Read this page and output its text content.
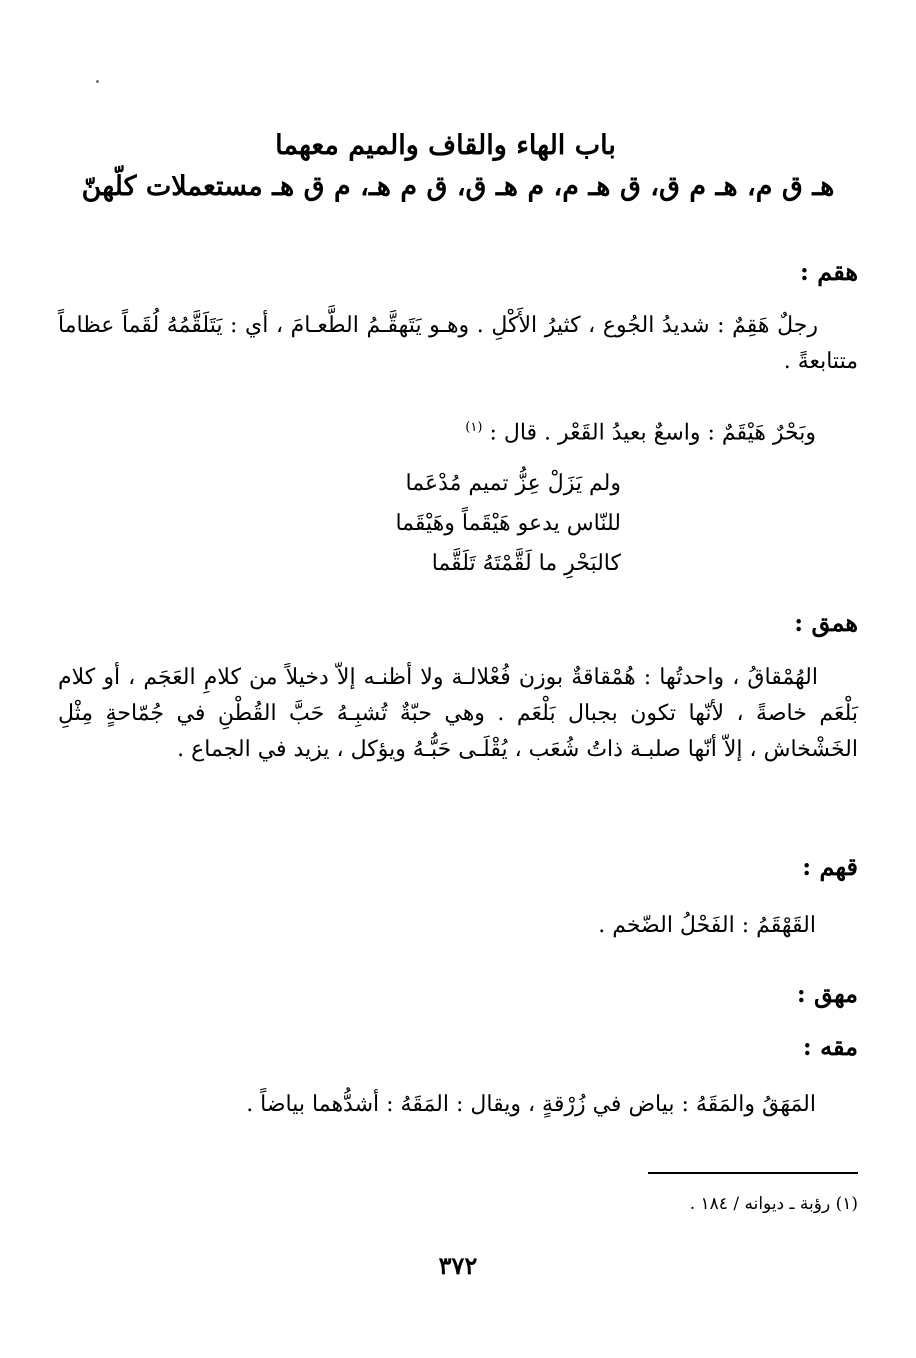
باب الهاء والقاف والميم معهما
هـ ق م، هـ م ق، ق هـ م، م هـ ق، ق م هـ، م ق هـ مستعملات كلّهنّ
هقم :
رجلٌ هَقِمٌ : شديدُ الجُوع ، كثيرُ الأَكْلِ . وهـو يَتَهقَّـمُ الطَّعـامَ ، أي : يَتَلَقَّمُهُ لُقَماً عظاماً متتابعةً .
وبَحْرٌ هَيْقَمٌ : واسعٌ بعيدُ القَعْر . قال : $^{(١)}$
ولم يَزَلْ عِزُّ تميم مُدْعَما
للنّاس يدعو هَيْقَماً وهَيْقَما
كالبَحْرِ ما لَقَّمْتَهُ تَلَقَّما
همق :
الهُمْقاقُ ، واحدتُها : هُمْقاقةٌ بوزن فُعْلالـة ولا أظنـه إلاّ دخيلاً من كلامِ العَجَم ، أو كلام بَلْعَم خاصةً ، لأنّها تكون بجبال بَلْعَم . وهي حبّةٌ تُشبِـهُ حَبَّ القُطْنِ في جُمّاحةٍ مِثْلِ الخَشْخاش ، إلاّ أنّها صلبـة ذاتُ شُعَب ، يُقْلَـى حَبُّـهُ ويؤكل ، يزيد في الجماع .
قهم :
القَهْقَمُ : الفَحْلُ الضّخم .
مهق :
مقه :
المَهَقُ والمَقَهُ : بياض في زُرْقةٍ ، ويقال : المَقَهُ : أشدُّهما بياضاً .
(١) رؤبة ـ ديوانه / ١٨٤ .
٣٧٢
